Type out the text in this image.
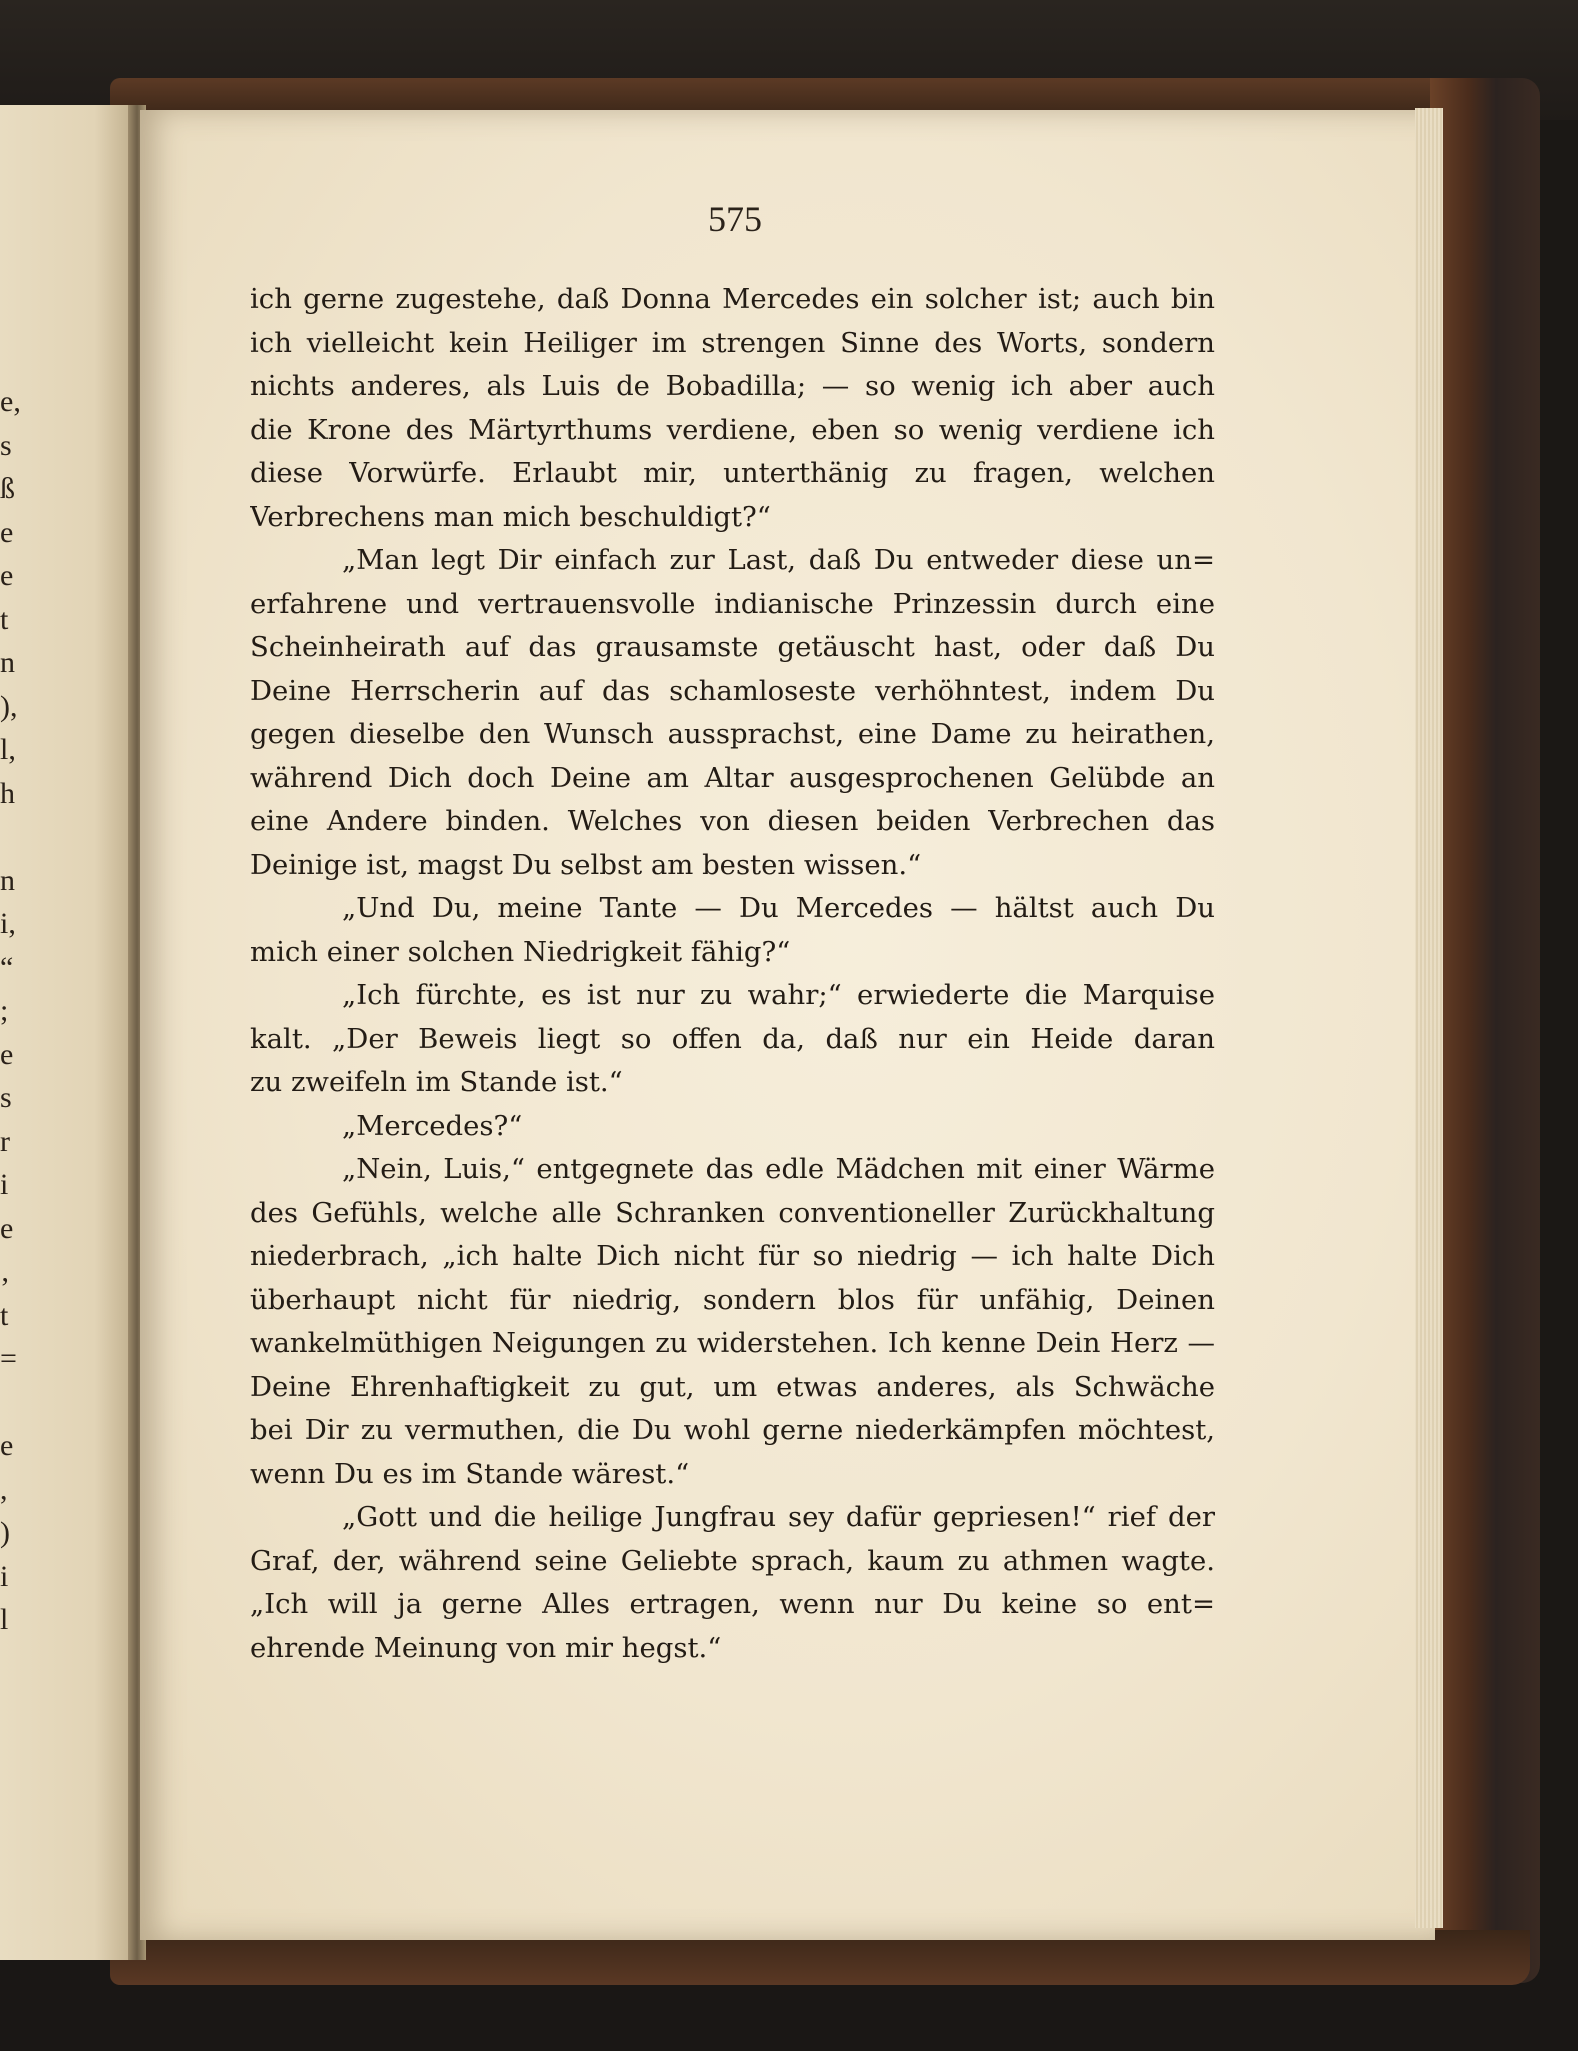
e,
s
ß
e
e
t
n
),
l,
h
n
i,
“
;
e
s
r
i
e
‚
t
=
e
,
)
i
l
575
ich gerne zugestehe, daß Donna Mercedes ein solcher ist; auch bin
ich vielleicht kein Heiliger im strengen Sinne des Worts, sondern
nichts anderes, als Luis de Bobadilla; — so wenig ich aber auch
die Krone des Märtyrthums verdiene, eben so wenig verdiene ich
diese Vorwürfe. Erlaubt mir, unterthänig zu fragen, welchen
Verbrechens man mich beschuldigt?“
„Man legt Dir einfach zur Last, daß Du entweder diese un=
erfahrene und vertrauensvolle indianische Prinzessin durch eine
Scheinheirath auf das grausamste getäuscht hast, oder daß Du
Deine Herrscherin auf das schamloseste verhöhntest, indem Du
gegen dieselbe den Wunsch aussprachst, eine Dame zu heirathen,
während Dich doch Deine am Altar ausgesprochenen Gelübde an
eine Andere binden. Welches von diesen beiden Verbrechen das
Deinige ist, magst Du selbst am besten wissen.“
„Und Du, meine Tante — Du Mercedes — hältst auch Du
mich einer solchen Niedrigkeit fähig?“
„Ich fürchte, es ist nur zu wahr;“ erwiederte die Marquise
kalt. „Der Beweis liegt so offen da, daß nur ein Heide daran
zu zweifeln im Stande ist.“
„Mercedes?“
„Nein, Luis,“ entgegnete das edle Mädchen mit einer Wärme
des Gefühls, welche alle Schranken conventioneller Zurückhaltung
niederbrach, „ich halte Dich nicht für so niedrig — ich halte Dich
überhaupt nicht für niedrig, sondern blos für unfähig, Deinen
wankelmüthigen Neigungen zu widerstehen. Ich kenne Dein Herz —
Deine Ehrenhaftigkeit zu gut, um etwas anderes, als Schwäche
bei Dir zu vermuthen, die Du wohl gerne niederkämpfen möchtest,
wenn Du es im Stande wärest.“
„Gott und die heilige Jungfrau sey dafür gepriesen!“ rief der
Graf, der, während seine Geliebte sprach, kaum zu athmen wagte.
„Ich will ja gerne Alles ertragen, wenn nur Du keine so ent=
ehrende Meinung von mir hegst.“
